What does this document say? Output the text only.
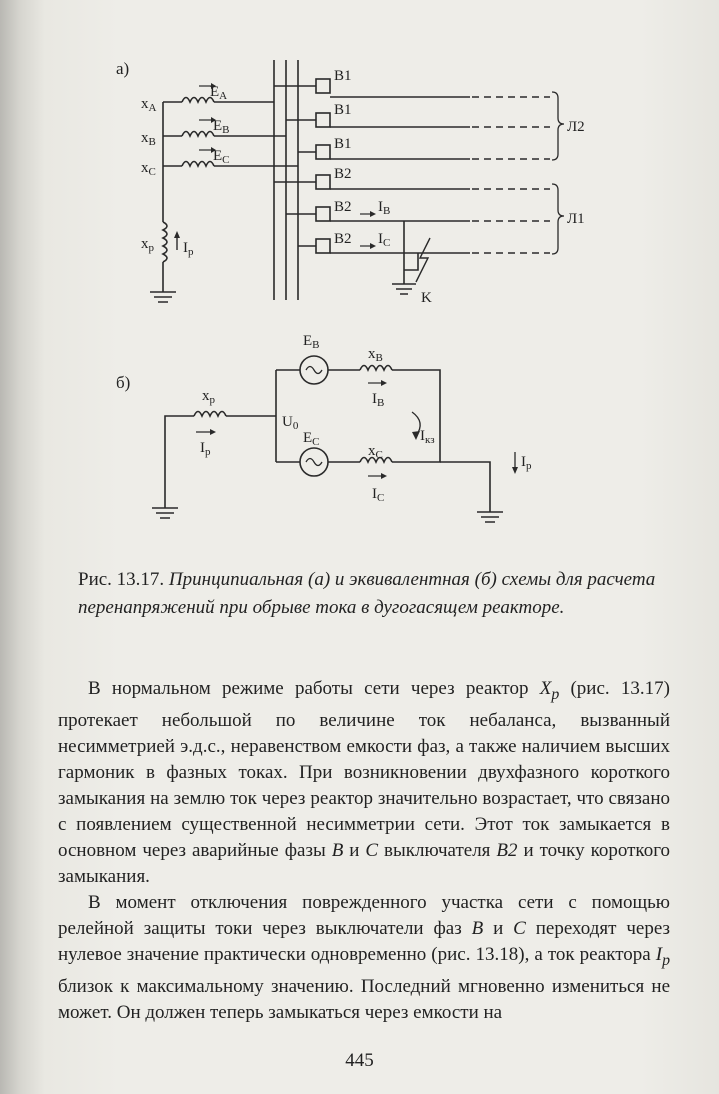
а)
$x_A$
$x_B$
$x_C$
$x_p$ $I_p$
$E_A$
$E_B$
$E_C$
B1
B1
B1
B2
B2
B2
$I_B$
$I_C$
Л2
Л1
K
б)
$x_p$
$I_p$
$U_0$
$E_B$
$E_C$
$x_B$
$x_C$
$I_B$
$I_C$
$I_{кз}$
$I_p$
Рис. 13.17. Принципиальная (а) и эквивалентная (б) схемы для расчета перенапряжений при обрыве тока в дугогасящем реакторе.

В нормальном режиме работы сети через реактор $X_p$ (рис. 13.17) протекает небольшой по величине ток небаланса, вызванный несимметрией э.д.с., неравенством емкости фаз, а также наличием высших гармоник в фазных токах. При возникновении двухфазного короткого замыкания на землю ток через реактор значительно возрастает, что связано с появлением существенной несимметрии сети. Этот ток замыкается в основном через аварийные фазы B и C выключателя B2 и точку короткого замыкания.

В момент отключения поврежденного участка сети с помощью релейной защиты токи через выключатели фаз B и C переходят через нулевое значение практически одновременно (рис. 13.18), а ток реактора $I_p$ близок к максимальному значению. Последний мгновенно измениться не может. Он должен теперь замыкаться через емкости на

445
